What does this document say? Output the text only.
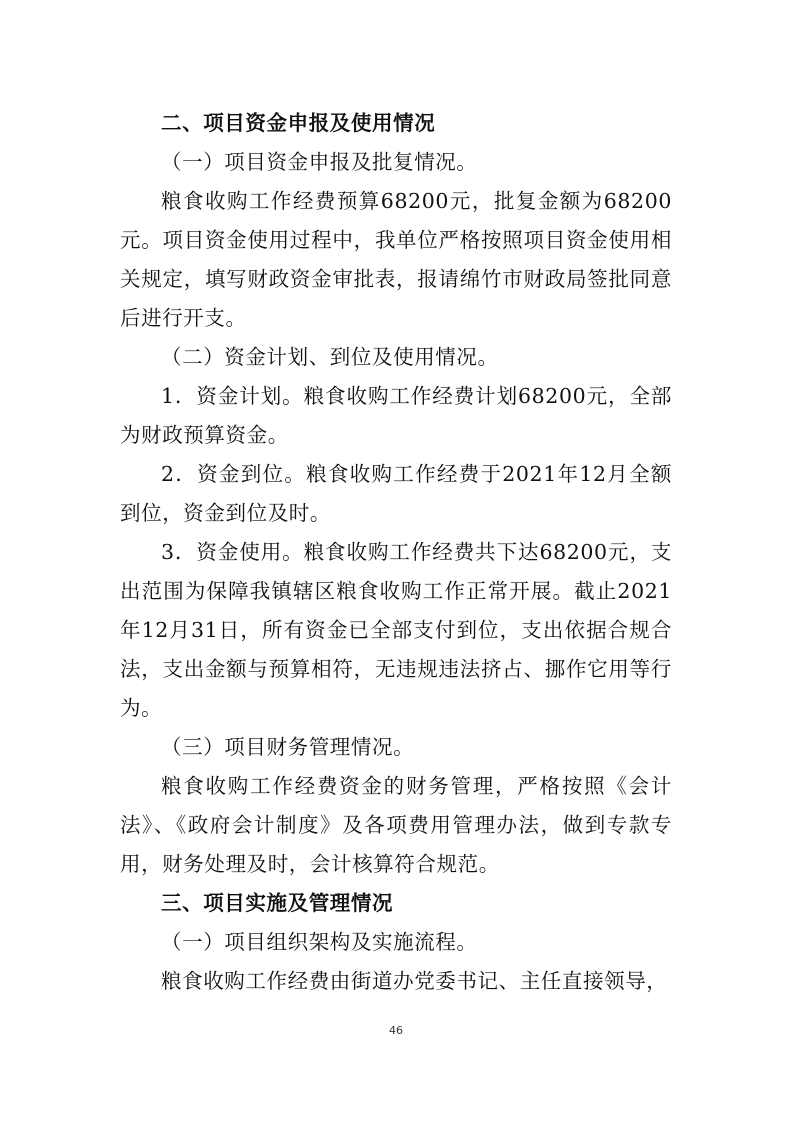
二、项目资金申报及使用情况

（一）项目资金申报及批复情况。

粮食收购工作经费预算68200元，批复金额为68200元。项目资金使用过程中，我单位严格按照项目资金使用相关规定，填写财政资金审批表，报请绵竹市财政局签批同意后进行开支。

（二）资金计划、到位及使用情况。

1．资金计划。粮食收购工作经费计划68200元，全部为财政预算资金。

2．资金到位。粮食收购工作经费于2021年12月全额到位，资金到位及时。

3．资金使用。粮食收购工作经费共下达68200元，支出范围为保障我镇辖区粮食收购工作正常开展。截止2021年12月31日，所有资金已全部支付到位，支出依据合规合法，支出金额与预算相符，无违规违法挤占、挪作它用等行为。

（三）项目财务管理情况。

粮食收购工作经费资金的财务管理，严格按照《会计法》、《政府会计制度》及各项费用管理办法，做到专款专用，财务处理及时，会计核算符合规范。

三、项目实施及管理情况

（一）项目组织架构及实施流程。

粮食收购工作经费由街道办党委书记、主任直接领导，

46
